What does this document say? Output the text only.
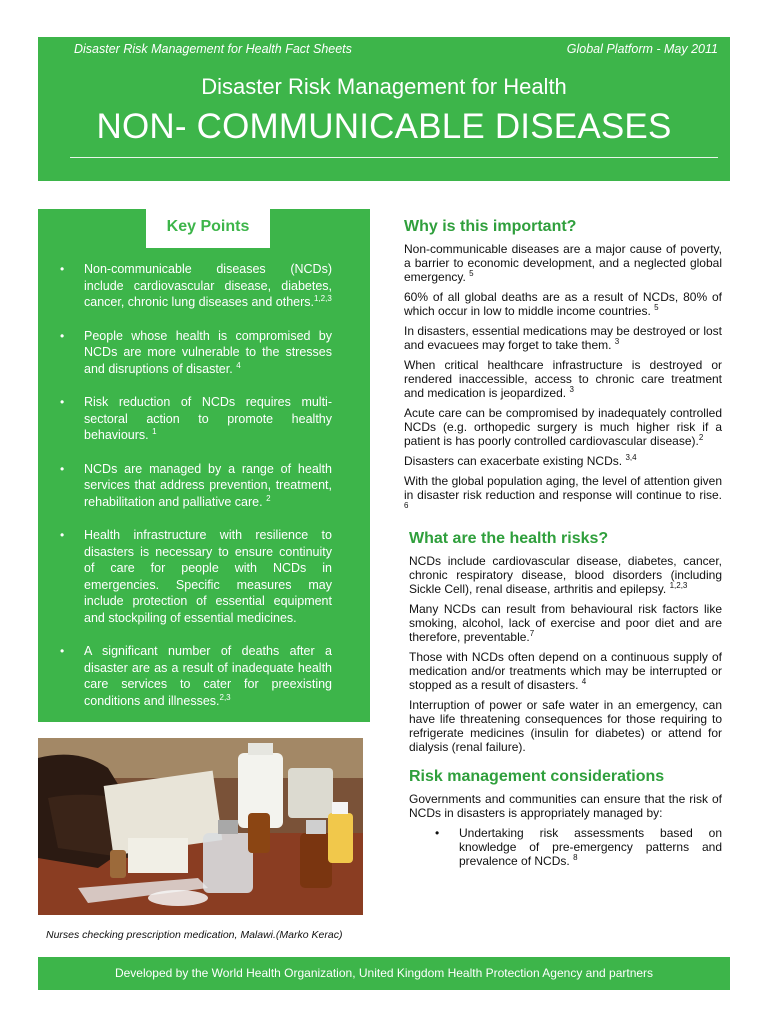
Disaster Risk Management for Health Fact Sheets	Global Platform - May 2011
Disaster Risk Management for Health
NON- COMMUNICABLE DISEASES
Key Points
• Non-communicable diseases (NCDs) include cardiovascular disease, diabetes, cancer, chronic lung diseases and others.$^{1,2,3}$
• People whose health is compromised by NCDs are more vulnerable to the stresses and disruptions of disaster. $^4$
• Risk reduction of NCDs requires multi-sectoral action to promote healthy behaviours. $^1$
• NCDs are managed by a range of health services that address prevention, treatment, rehabilitation and palliative care. $^2$
• Health infrastructure with resilience to disasters is necessary to ensure continuity of care for people with NCDs in emergencies. Specific measures may include protection of essential equipment and stockpiling of essential medicines.
• A significant number of deaths after a disaster are as a result of inadequate health care services to cater for preexisting conditions and illnesses.$^{2,3}$
Nurses checking prescription medication, Malawi.(Marko Kerac)
Why is this important?

Non-communicable diseases are a major cause of poverty, a barrier to economic development, and a neglected global emergency. $^5$

60% of all global deaths are as a result of NCDs, 80% of which occur in low to middle income countries. $^5$

In disasters, essential medications may be destroyed or lost and evacuees may forget to take them. $^3$

When critical healthcare infrastructure is destroyed or rendered inaccessible, access to chronic care treatment and medication is jeopardized. $^3$

Acute care can be compromised by inadequately controlled NCDs (e.g. orthopedic surgery is much higher risk if a patient is has poorly controlled cardiovascular disease).$^2$

Disasters can exacerbate existing NCDs. $^{3,4}$

With the global population aging, the level of attention given in disaster risk reduction and response will continue to rise. $^6$

What are the health risks?

NCDs include cardiovascular disease, diabetes, cancer, chronic respiratory disease, blood disorders (including Sickle Cell), renal disease, arthritis and epilepsy. $^{1,2,3}$

Many NCDs can result from behavioural risk factors like smoking, alcohol, lack of exercise and poor diet and are therefore, preventable.$^7$

Those with NCDs often depend on a continuous supply of medication and/or treatments which may be interrupted or stopped as a result of disasters. $^4$

Interruption of power or safe water in an emergency, can have life threatening consequences for those requiring to refrigerate medicines (insulin for diabetes) or attend for dialysis (renal failure).

Risk management considerations

Governments and communities can ensure that the risk of NCDs in disasters is appropriately managed by:

• Undertaking risk assessments based on knowledge of pre-emergency patterns and prevalence of NCDs. $^8$
Developed by the World Health Organization, United Kingdom Health Protection Agency and partners
